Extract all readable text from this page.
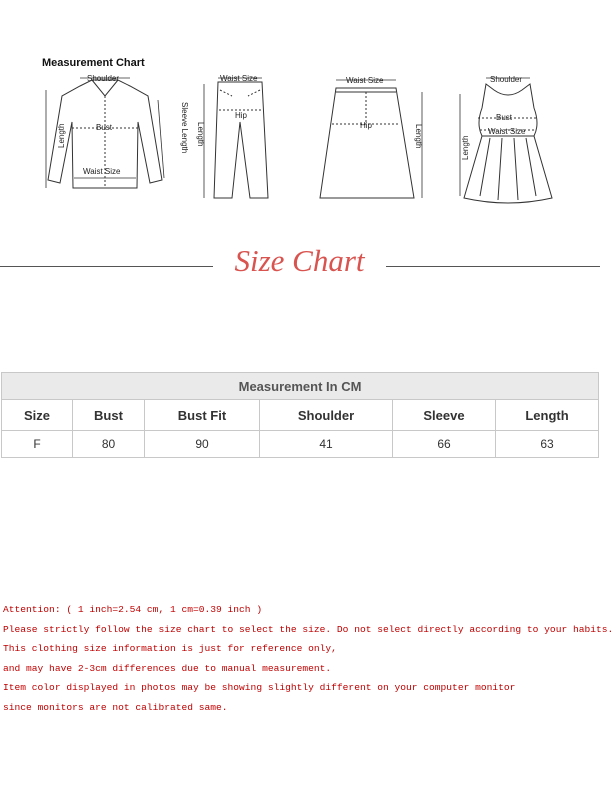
Measurement Chart
Shoulder
Bust
Waist Size
Length	Sleeve Length
Waist Size
Hip
Length
Waist Size
Hip	Length
Shoulder
Bust
Waist Size
Length
Size Chart
Measurement In CM					
Size	Bust	Bust Fit	Shoulder	Sleeve	Length
F	80	90	41	66	63
Attention: ( 1 inch=2.54 cm, 1 cm=0.39 inch )
Please strictly follow the size chart to select the size. Do not select directly according to your habits.
This clothing size information is just for reference only,
and may have 2-3cm differences due to manual measurement.
Item color displayed in photos may be showing slightly different on your computer monitor
since monitors are not calibrated same.
